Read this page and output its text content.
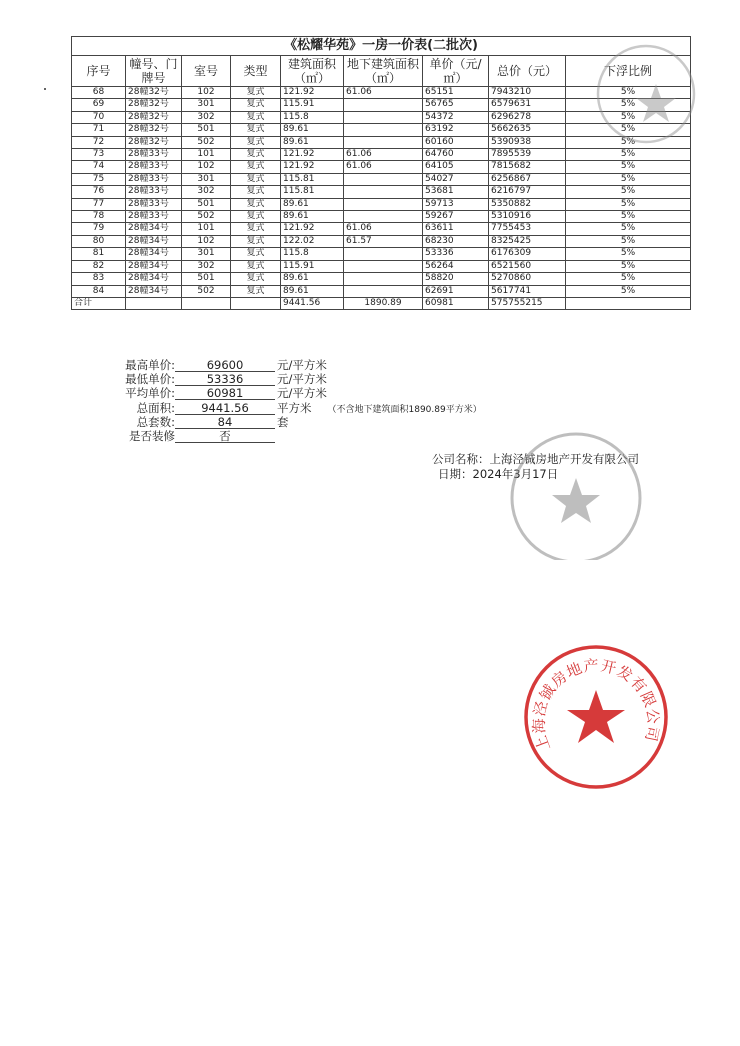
《松耀华苑》一房一价表(二批次)								
序号	幢号、门牌号	室号	类型	建筑面积（㎡）	地下建筑面积（㎡）	单价（元/㎡）	总价（元）	下浮比例
68	28幢32号	102	复式	121.92	61.06	65151	7943210	5%
69	28幢32号	301	复式	115.91		56765	6579631	5%
70	28幢32号	302	复式	115.8		54372	6296278	5%
71	28幢32号	501	复式	89.61		63192	5662635	5%
72	28幢32号	502	复式	89.61		60160	5390938	5%
73	28幢33号	101	复式	121.92	61.06	64760	7895539	5%
74	28幢33号	102	复式	121.92	61.06	64105	7815682	5%
75	28幢33号	301	复式	115.81		54027	6256867	5%
76	28幢33号	302	复式	115.81		53681	6216797	5%
77	28幢33号	501	复式	89.61		59713	5350882	5%
78	28幢33号	502	复式	89.61		59267	5310916	5%
79	28幢34号	101	复式	121.92	61.06	63611	7755453	5%
80	28幢34号	102	复式	122.02	61.57	68230	8325425	5%
81	28幢34号	301	复式	115.8		53336	6176309	5%
82	28幢34号	302	复式	115.91		56264	6521560	5%
83	28幢34号	501	复式	89.61		58820	5270860	5%
84	28幢34号	502	复式	89.61		62691	5617741	5%
合计				9441.56	1890.89	60981	575755215	
最高单价:	69600	元/平方米
最低单价:	53336	元/平方米
平均单价:	60981	元/平方米
总面积: 9441.56 平方米 （不含地下建筑面积1890.89平方米）
总套数:	84	套
是否装修	否
公司名称：上海泾铖房地产开发有限公司
日期：2024年3月17日
上海泾铖房地产开发有限公司
